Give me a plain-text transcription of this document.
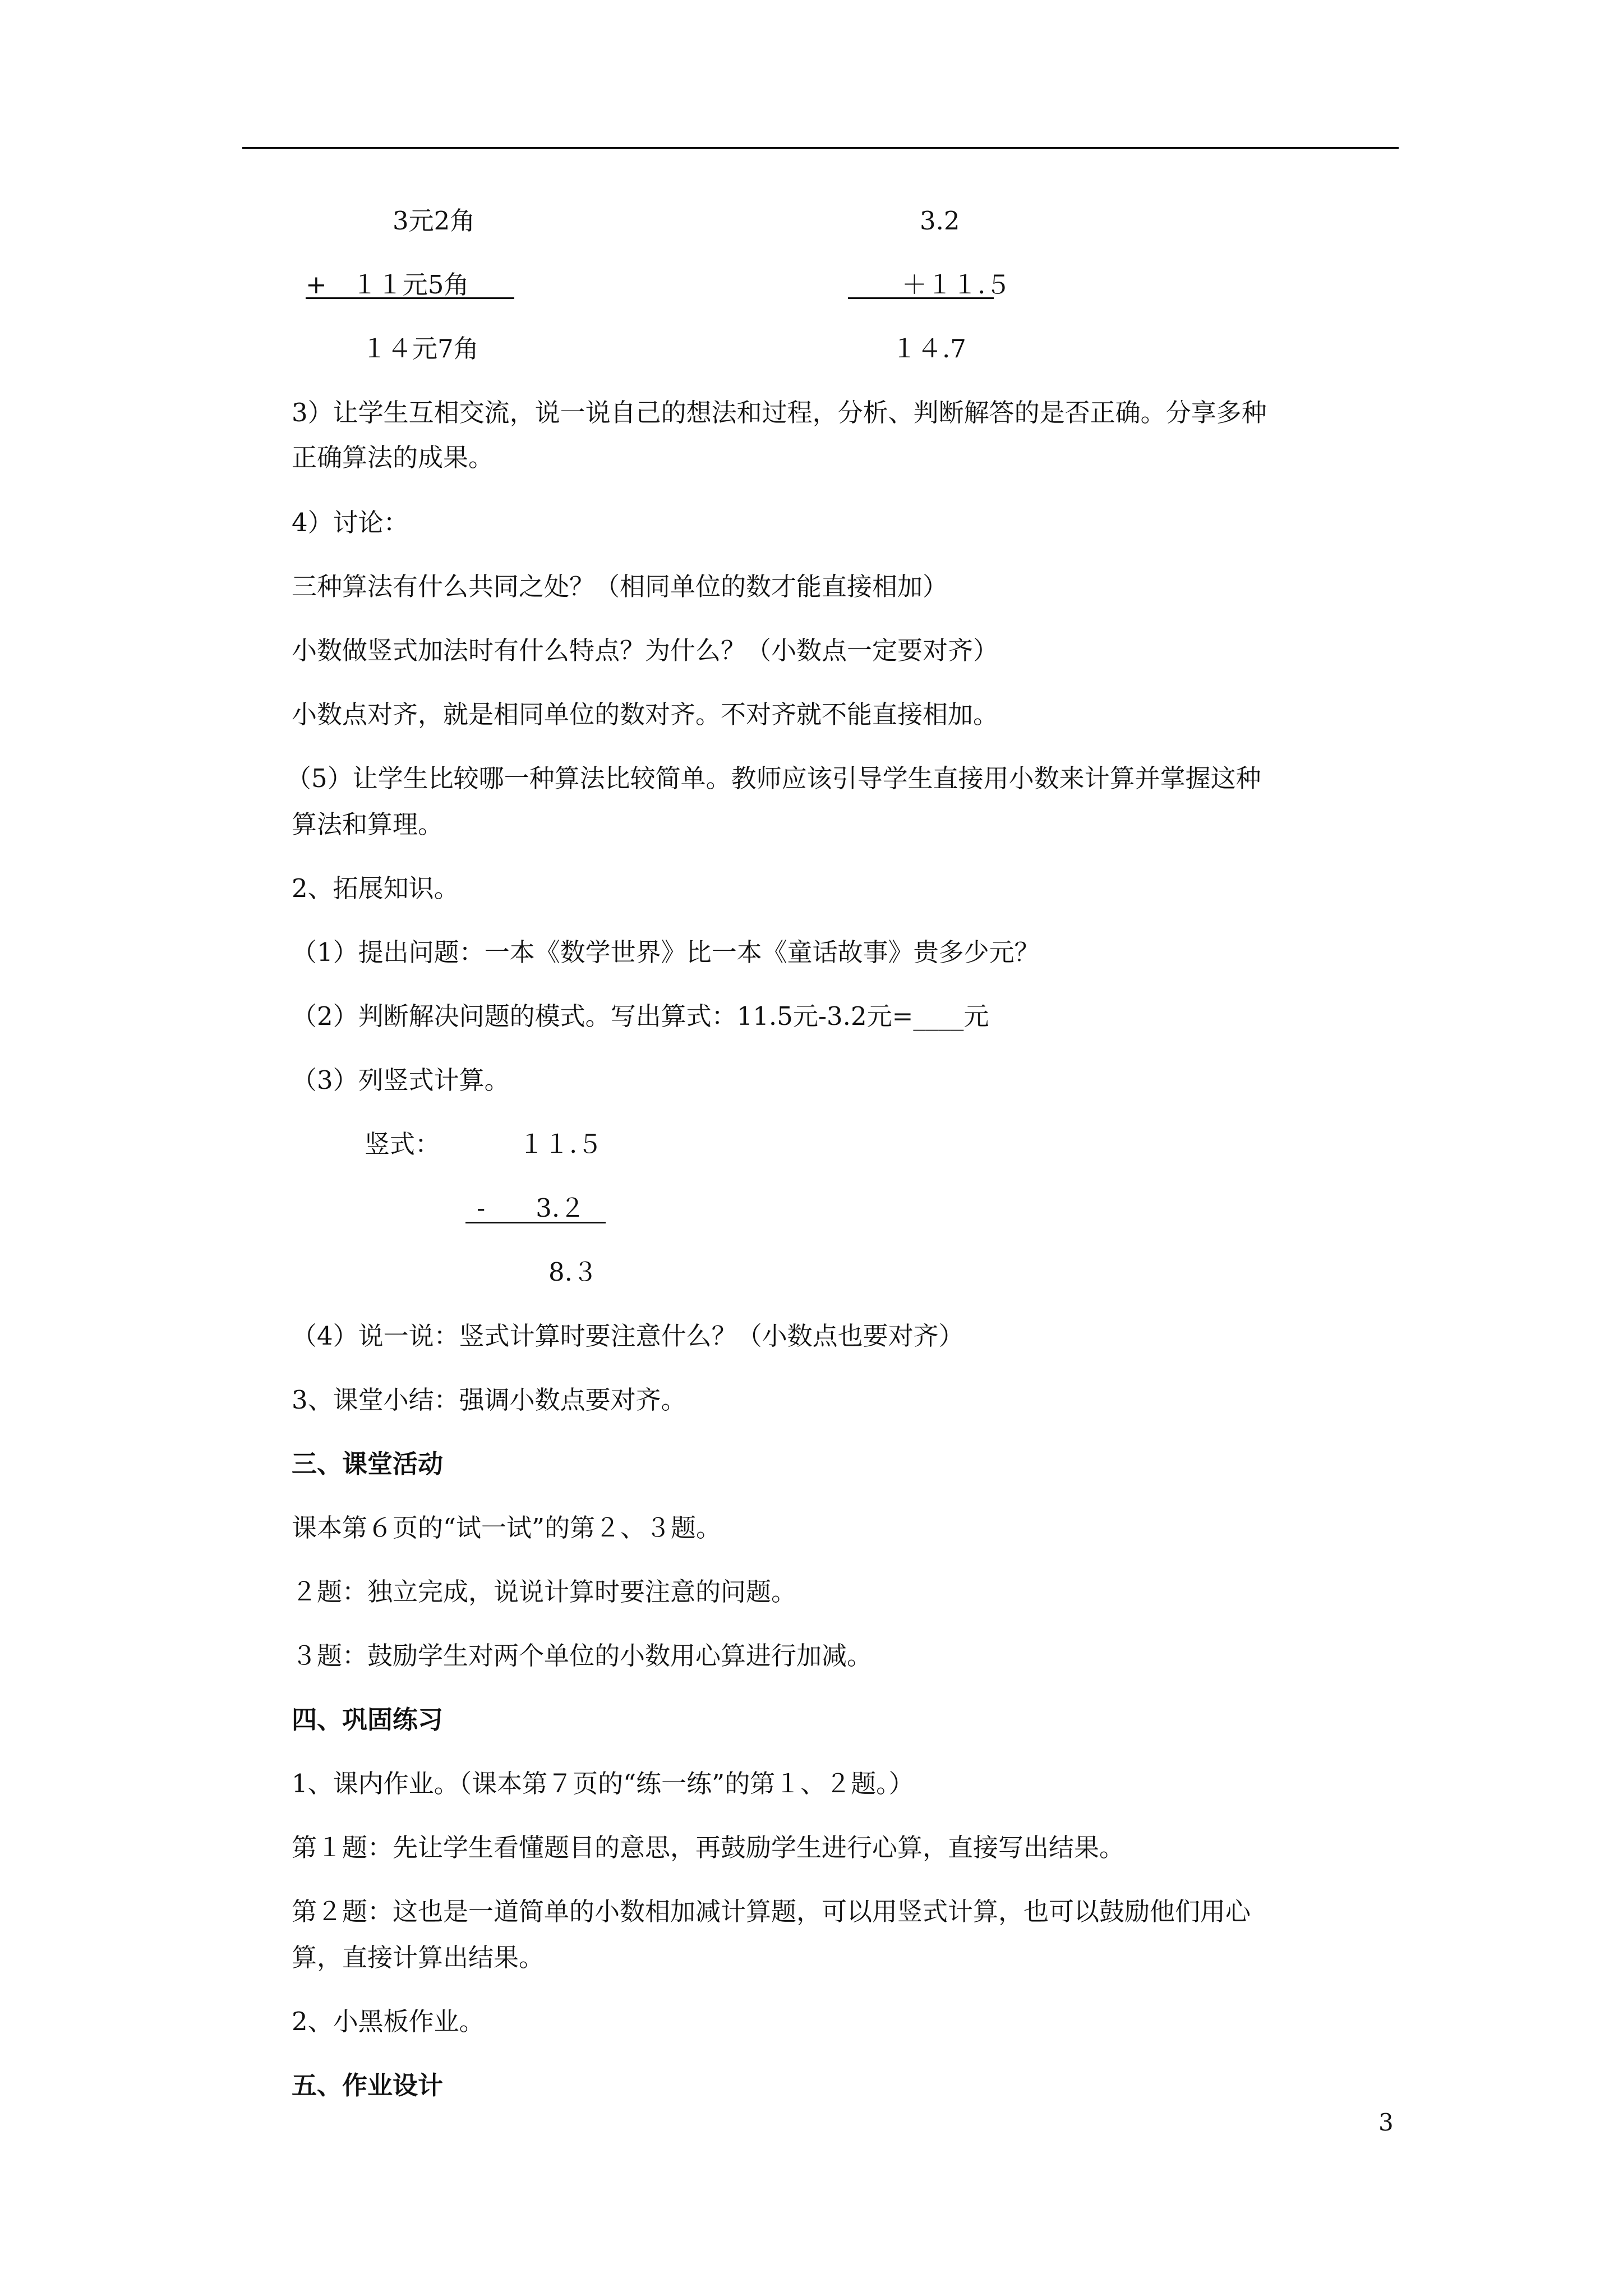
3元2角	3.2
+　１１元5角	＋１１.５
１４元7角	１４.7
3）让学生互相交流，说一说自己的想法和过程，分析、判断解答的是否正确。分享多种
正确算法的成果。
4）讨论：
三种算法有什么共同之处？（相同单位的数才能直接相加）
小数做竖式加法时有什么特点？为什么？（小数点一定要对齐）
小数点对齐，就是相同单位的数对齐。不对齐就不能直接相加。
（5）让学生比较哪一种算法比较简单。教师应该引导学生直接用小数来计算并掌握这种
算法和算理。
2、拓展知识。
（1）提出问题：一本《数学世界》比一本《童话故事》贵多少元？
（2）判断解决问题的模式。写出算式：11.5元-3.2元=____元
（3）列竖式计算。
竖式：	１１.５
-　　3.２
8.３
（4）说一说：竖式计算时要注意什么？（小数点也要对齐）
3、课堂小结：强调小数点要对齐。
三、课堂活动
课本第６页的“试一试”的第２、３题。
２题：独立完成，说说计算时要注意的问题。
３题：鼓励学生对两个单位的小数用心算进行加减。
四、巩固练习
1、课内作业。（课本第７页的“练一练”的第１、２题。）
第１题：先让学生看懂题目的意思，再鼓励学生进行心算，直接写出结果。
第２题：这也是一道简单的小数相加减计算题，可以用竖式计算，也可以鼓励他们用心
算，直接计算出结果。
2、小黑板作业。
五、作业设计
3
